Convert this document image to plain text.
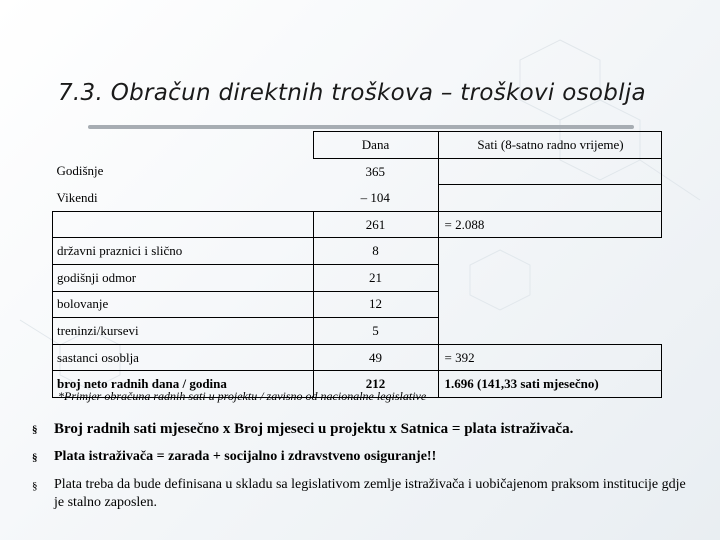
7.3. Obračun direktnih troškova – troškovi osoblja
	Dana	Sati (8-satno radno vrijeme)
Godišnje	365	
Vikendi	– 104	
	261	= 2.088
državni praznici i slično	8	
godišnji odmor	21	
bolovanje	12	
treninzi/kursevi	5	
sastanci osoblja	49	= 392
broj neto radnih dana / godina	212	1.696 (141,33 sati mjesečno)
*Primjer obračuna radnih sati u projektu / zavisno od nacionalne legislative
§ Broj radnih sati mjesečno x Broj mjeseci u projektu x Satnica = plata istraživača.
§ Plata istraživača = zarada + socijalno i zdravstveno osiguranje!!
§ Plata treba da bude definisana u skladu sa legislativom zemlje istraživača i uobičajenom praksom institucije gdje je stalno zaposlen.
